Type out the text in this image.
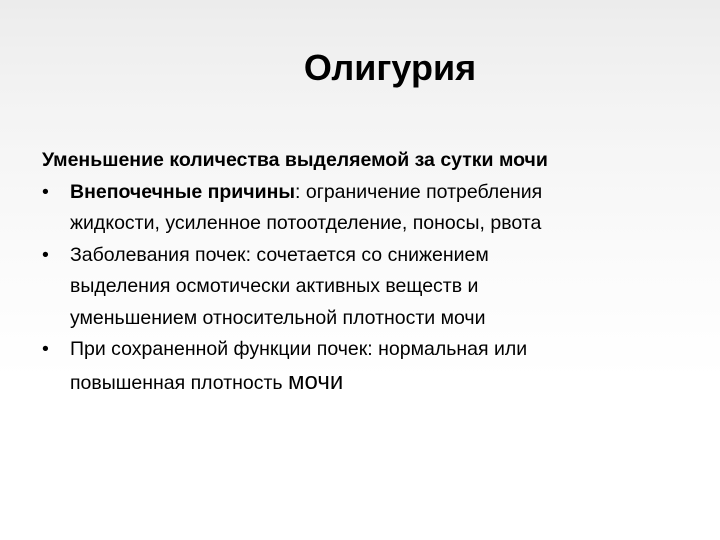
Олигурия
Уменьшение количества выделяемой за сутки мочи
•	Внепочечные причины: ограничение потребления
жидкости, усиленное потоотделение, поносы, рвота
•	Заболевания почек: сочетается со снижением
выделения осмотически активных веществ и
уменьшением относительной плотности мочи
•	При сохраненной функции почек: нормальная или
повышенная плотность мочи
